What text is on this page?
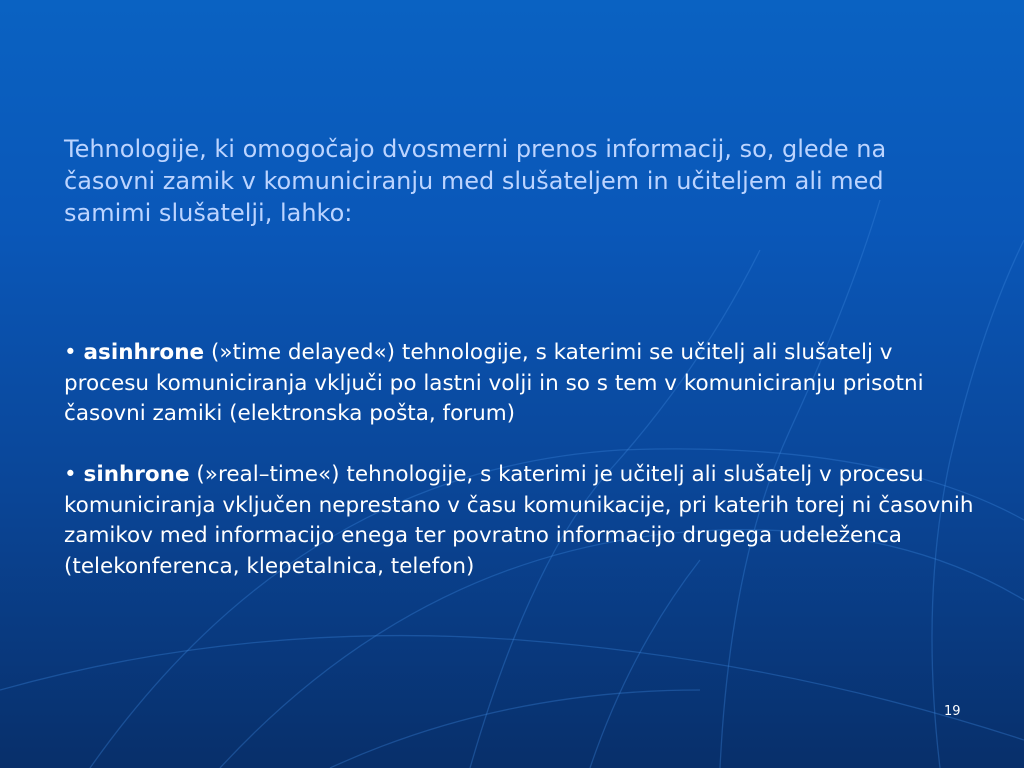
Tehnologije, ki omogočajo dvosmerni prenos informacij, so, glede na časovni zamik v komuniciranju med slušateljem in učiteljem ali med samimi slušatelji, lahko:

• asinhrone (»time delayed«) tehnologije, s katerimi se učitelj ali slušatelj v procesu komuniciranja vključi po lastni volji in so s tem v komuniciranju prisotni časovni zamiki (elektronska pošta, forum)

• sinhrone (»real–time«) tehnologije, s katerimi je učitelj ali slušatelj v procesu komuniciranja vključen neprestano v času komunikacije, pri katerih torej ni časovnih zamikov med informacijo enega ter povratno informacijo drugega udeleženca (telekonferenca, klepetalnica, telefon)

19
